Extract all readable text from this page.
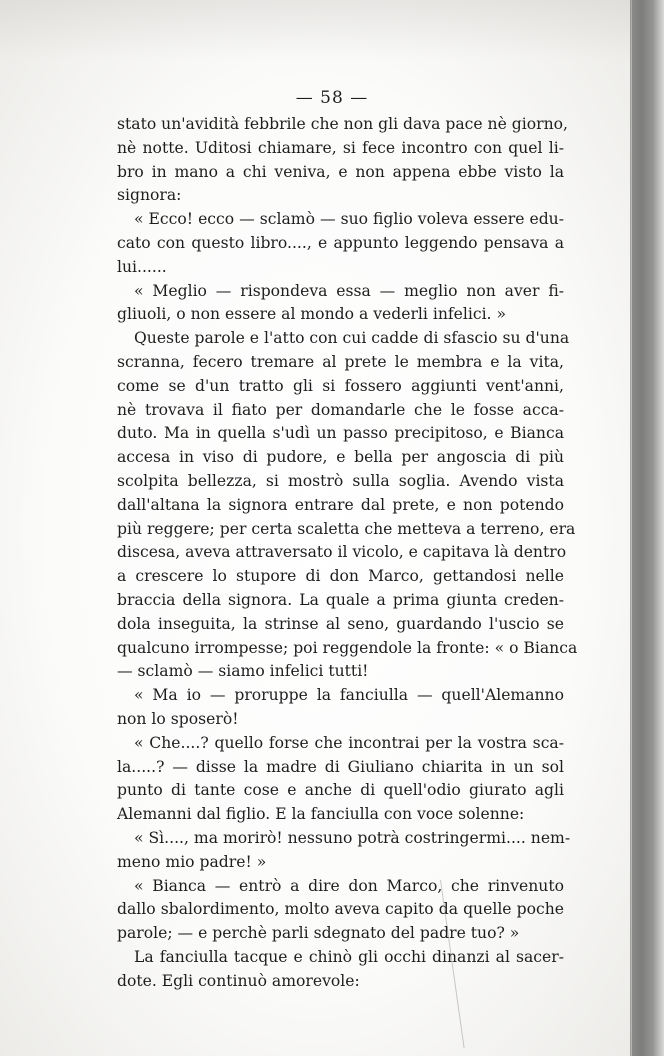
— 58 —
stato un'avidità febbrile che non gli dava pace nè giorno,
nè notte. Uditosi chiamare, si fece incontro con quel li-
bro in mano a chi veniva, e non appena ebbe visto la
signora:
« Ecco! ecco — sclamò — suo figlio voleva essere edu-
cato con questo libro...., e appunto leggendo pensava a
lui......
« Meglio — rispondeva essa — meglio non aver fi-
gliuoli, o non essere al mondo a vederli infelici. »
Queste parole e l'atto con cui cadde di sfascio su d'una
scranna, fecero tremare al prete le membra e la vita,
come se d'un tratto gli si fossero aggiunti vent'anni,
nè trovava il fiato per domandarle che le fosse acca-
duto. Ma in quella s'udì un passo precipitoso, e Bianca
accesa in viso di pudore, e bella per angoscia di più
scolpita bellezza, si mostrò sulla soglia. Avendo vista
dall'altana la signora entrare dal prete, e non potendo
più reggere; per certa scaletta che metteva a terreno, era
discesa, aveva attraversato il vicolo, e capitava là dentro
a crescere lo stupore di don Marco, gettandosi nelle
braccia della signora. La quale a prima giunta creden-
dola inseguita, la strinse al seno, guardando l'uscio se
qualcuno irrompesse; poi reggendole la fronte: « o Bianca
— sclamò — siamo infelici tutti!
« Ma io — proruppe la fanciulla — quell'Alemanno
non lo sposerò!
« Che....? quello forse che incontrai per la vostra sca-
la.....? — disse la madre di Giuliano chiarita in un sol
punto di tante cose e anche di quell'odio giurato agli
Alemanni dal figlio. E la fanciulla con voce solenne:
« Sì...., ma morirò! nessuno potrà costringermi.... nem-
meno mio padre! »
« Bianca — entrò a dire don Marco, che rinvenuto
dallo sbalordimento, molto aveva capito da quelle poche
parole; — e perchè parli sdegnato del padre tuo? »
La fanciulla tacque e chinò gli occhi dinanzi al sacer-
dote. Egli continuò amorevole:
